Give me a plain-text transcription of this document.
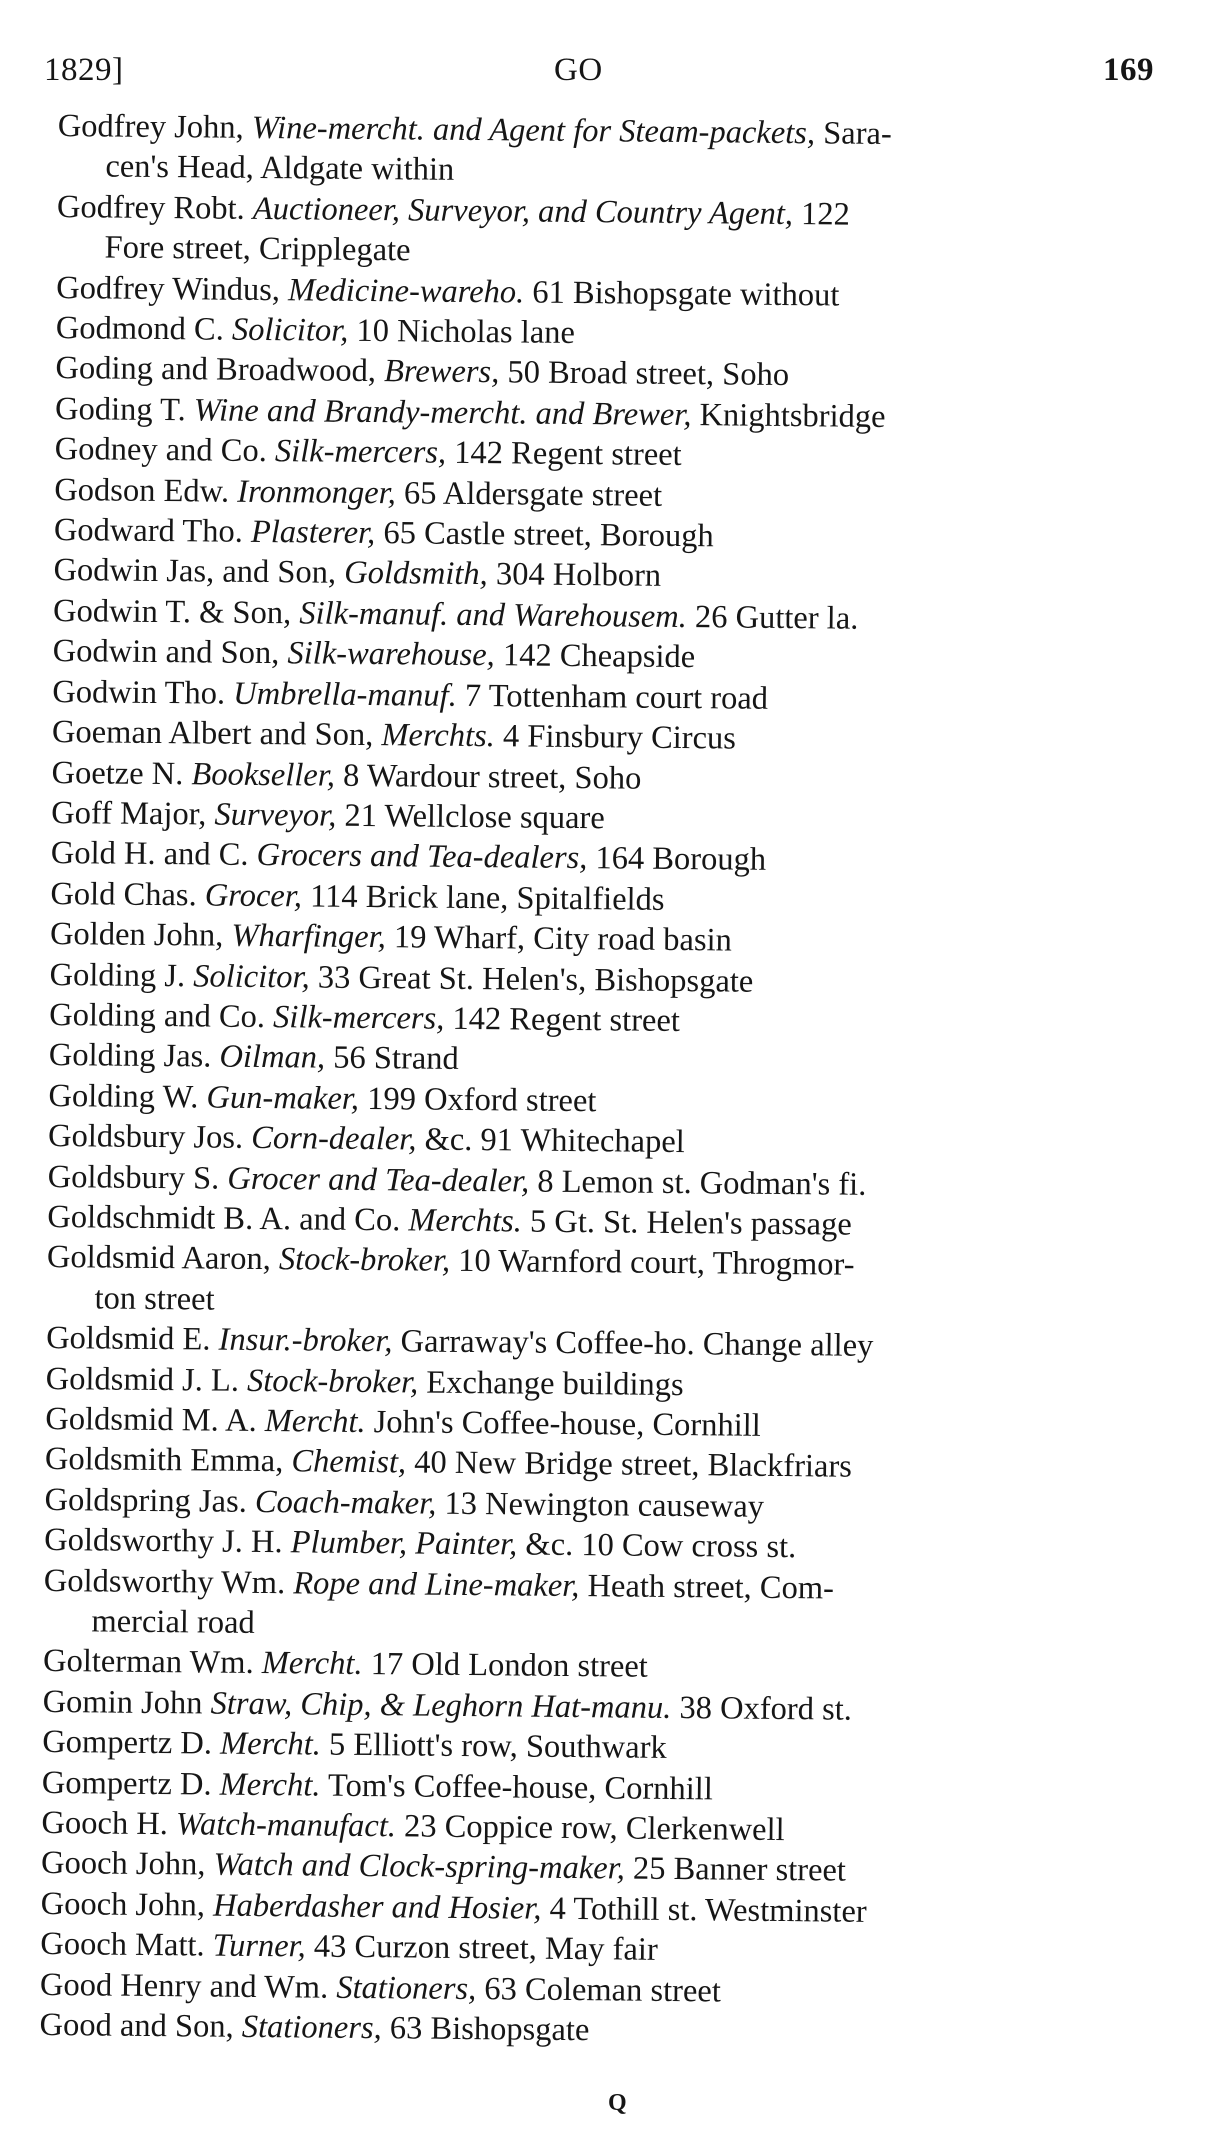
1829]	GO	169

Godfrey John, Wine-mercht. and Agent for Steam-packets, Sara-
cen's Head, Aldgate within

Godfrey Robt. Auctioneer, Surveyor, and Country Agent, 122
Fore street, Cripplegate

Godfrey Windus, Medicine-wareho. 61 Bishopsgate without

Godmond C. Solicitor, 10 Nicholas lane

Goding and Broadwood, Brewers, 50 Broad street, Soho

Goding T. Wine and Brandy-mercht. and Brewer, Knightsbridge

Godney and Co. Silk-mercers, 142 Regent street

Godson Edw. Ironmonger, 65 Aldersgate street

Godward Tho. Plasterer, 65 Castle street, Borough

Godwin Jas, and Son, Goldsmith, 304 Holborn

Godwin T. & Son, Silk-manuf. and Warehousem. 26 Gutter la.

Godwin and Son, Silk-warehouse, 142 Cheapside

Godwin Tho. Umbrella-manuf. 7 Tottenham court road

Goeman Albert and Son, Merchts. 4 Finsbury Circus

Goetze N. Bookseller, 8 Wardour street, Soho

Goff Major, Surveyor, 21 Wellclose square

Gold H. and C. Grocers and Tea-dealers, 164 Borough

Gold Chas. Grocer, 114 Brick lane, Spitalfields

Golden John, Wharfinger, 19 Wharf, City road basin

Golding J. Solicitor, 33 Great St. Helen's, Bishopsgate

Golding and Co. Silk-mercers, 142 Regent street

Golding Jas. Oilman, 56 Strand

Golding W. Gun-maker, 199 Oxford street

Goldsbury Jos. Corn-dealer, &c. 91 Whitechapel

Goldsbury S. Grocer and Tea-dealer, 8 Lemon st. Godman's fi.

Goldschmidt B. A. and Co. Merchts. 5 Gt. St. Helen's passage

Goldsmid Aaron, Stock-broker, 10 Warnford court, Throgmor-
ton street

Goldsmid E. Insur.-broker, Garraway's Coffee-ho. Change alley

Goldsmid J. L. Stock-broker, Exchange buildings

Goldsmid M. A. Mercht. John's Coffee-house, Cornhill

Goldsmith Emma, Chemist, 40 New Bridge street, Blackfriars

Goldspring Jas. Coach-maker, 13 Newington causeway

Goldsworthy J. H. Plumber, Painter, &c. 10 Cow cross st.

Goldsworthy Wm. Rope and Line-maker, Heath street, Com-
mercial road

Golterman Wm. Mercht. 17 Old London street

Gomin John Straw, Chip, & Leghorn Hat-manu. 38 Oxford st.

Gompertz D. Mercht. 5 Elliott's row, Southwark

Gompertz D. Mercht. Tom's Coffee-house, Cornhill

Gooch H. Watch-manufact. 23 Coppice row, Clerkenwell

Gooch John, Watch and Clock-spring-maker, 25 Banner street

Gooch John, Haberdasher and Hosier, 4 Tothill st. Westminster

Gooch Matt. Turner, 43 Curzon street, May fair

Good Henry and Wm. Stationers, 63 Coleman street

Good and Son, Stationers, 63 Bishopsgate

Q
